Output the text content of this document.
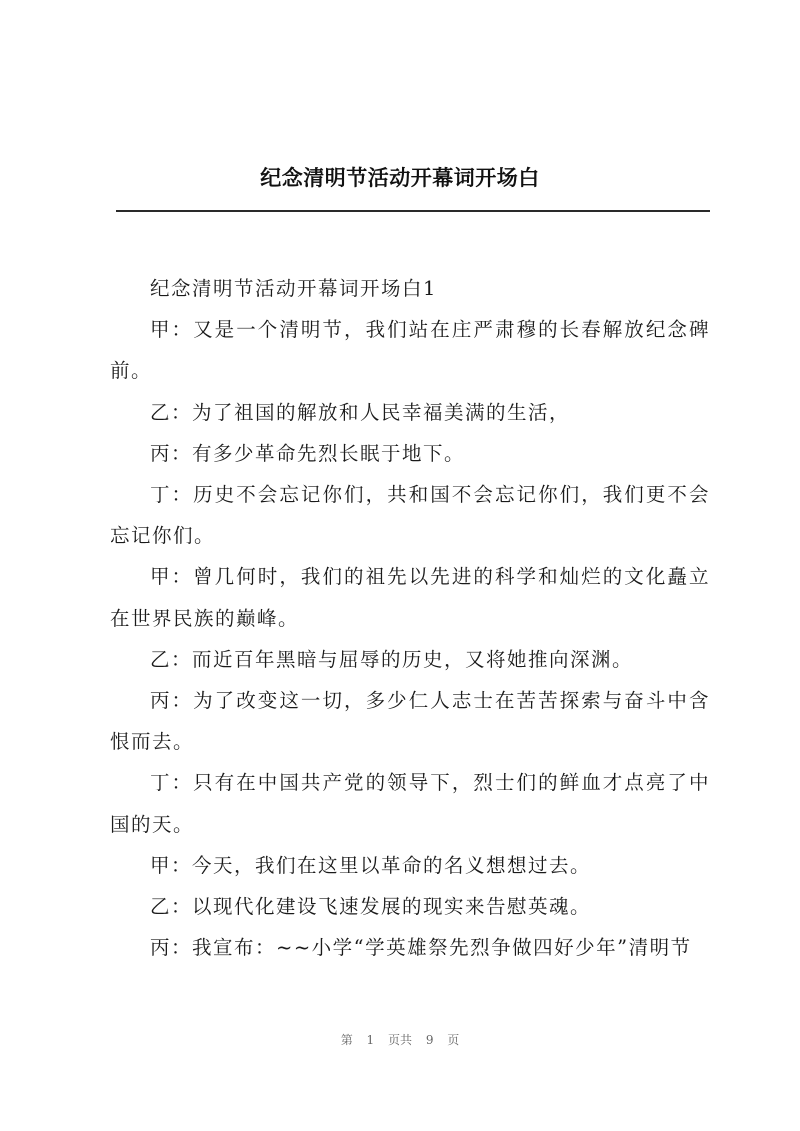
纪念清明节活动开幕词开场白

纪念清明节活动开幕词开场白1

甲：又是一个清明节，我们站在庄严肃穆的长春解放纪念碑前。

乙：为了祖国的解放和人民幸福美满的生活，

丙：有多少革命先烈长眠于地下。

丁：历史不会忘记你们，共和国不会忘记你们，我们更不会忘记你们。

甲：曾几何时，我们的祖先以先进的科学和灿烂的文化矗立在世界民族的巅峰。

乙：而近百年黑暗与屈辱的历史，又将她推向深渊。

丙：为了改变这一切，多少仁人志士在苦苦探索与奋斗中含恨而去。

丁：只有在中国共产党的领导下，烈士们的鲜血才点亮了中国的天。

甲：今天，我们在这里以革命的名义想想过去。

乙：以现代化建设飞速发展的现实来告慰英魂。

丙：我宣布：~~小学“学英雄祭先烈争做四好少年”清明节

第 1 页共 9 页
